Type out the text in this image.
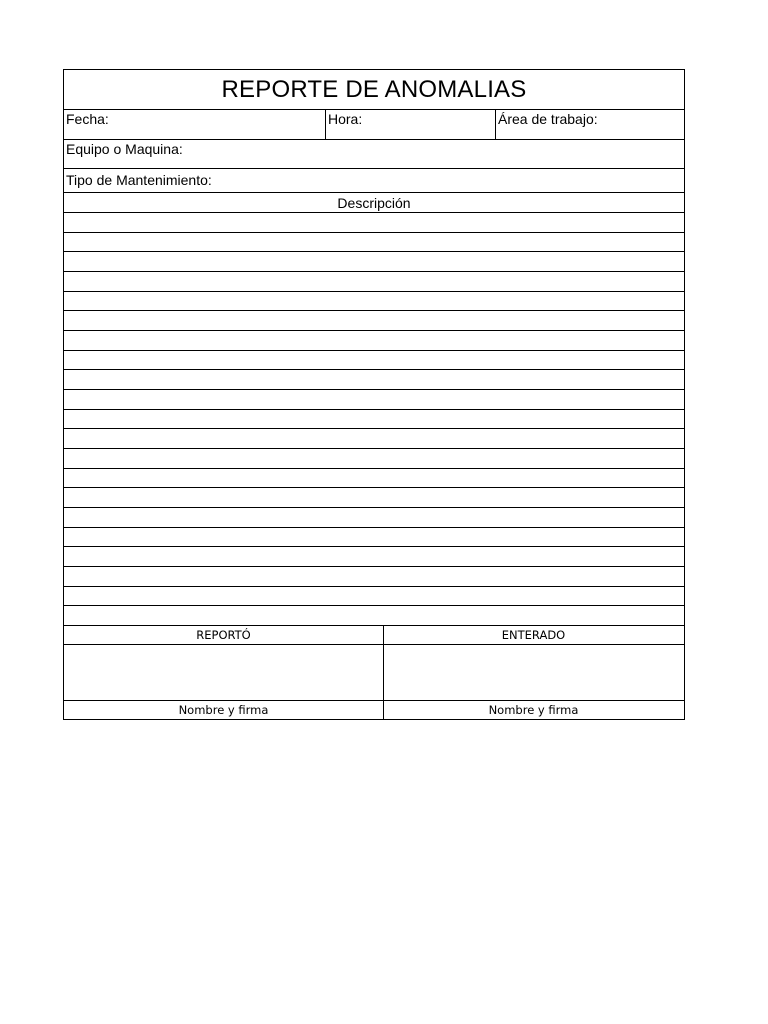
REPORTE DE ANOMALIAS
Fecha:	Hora:	Área de trabajo:
Equipo o Maquina:
Tipo de Mantenimiento:
Descripción
REPORTÓ	ENTERADO
Nombre y firma	Nombre y firma
